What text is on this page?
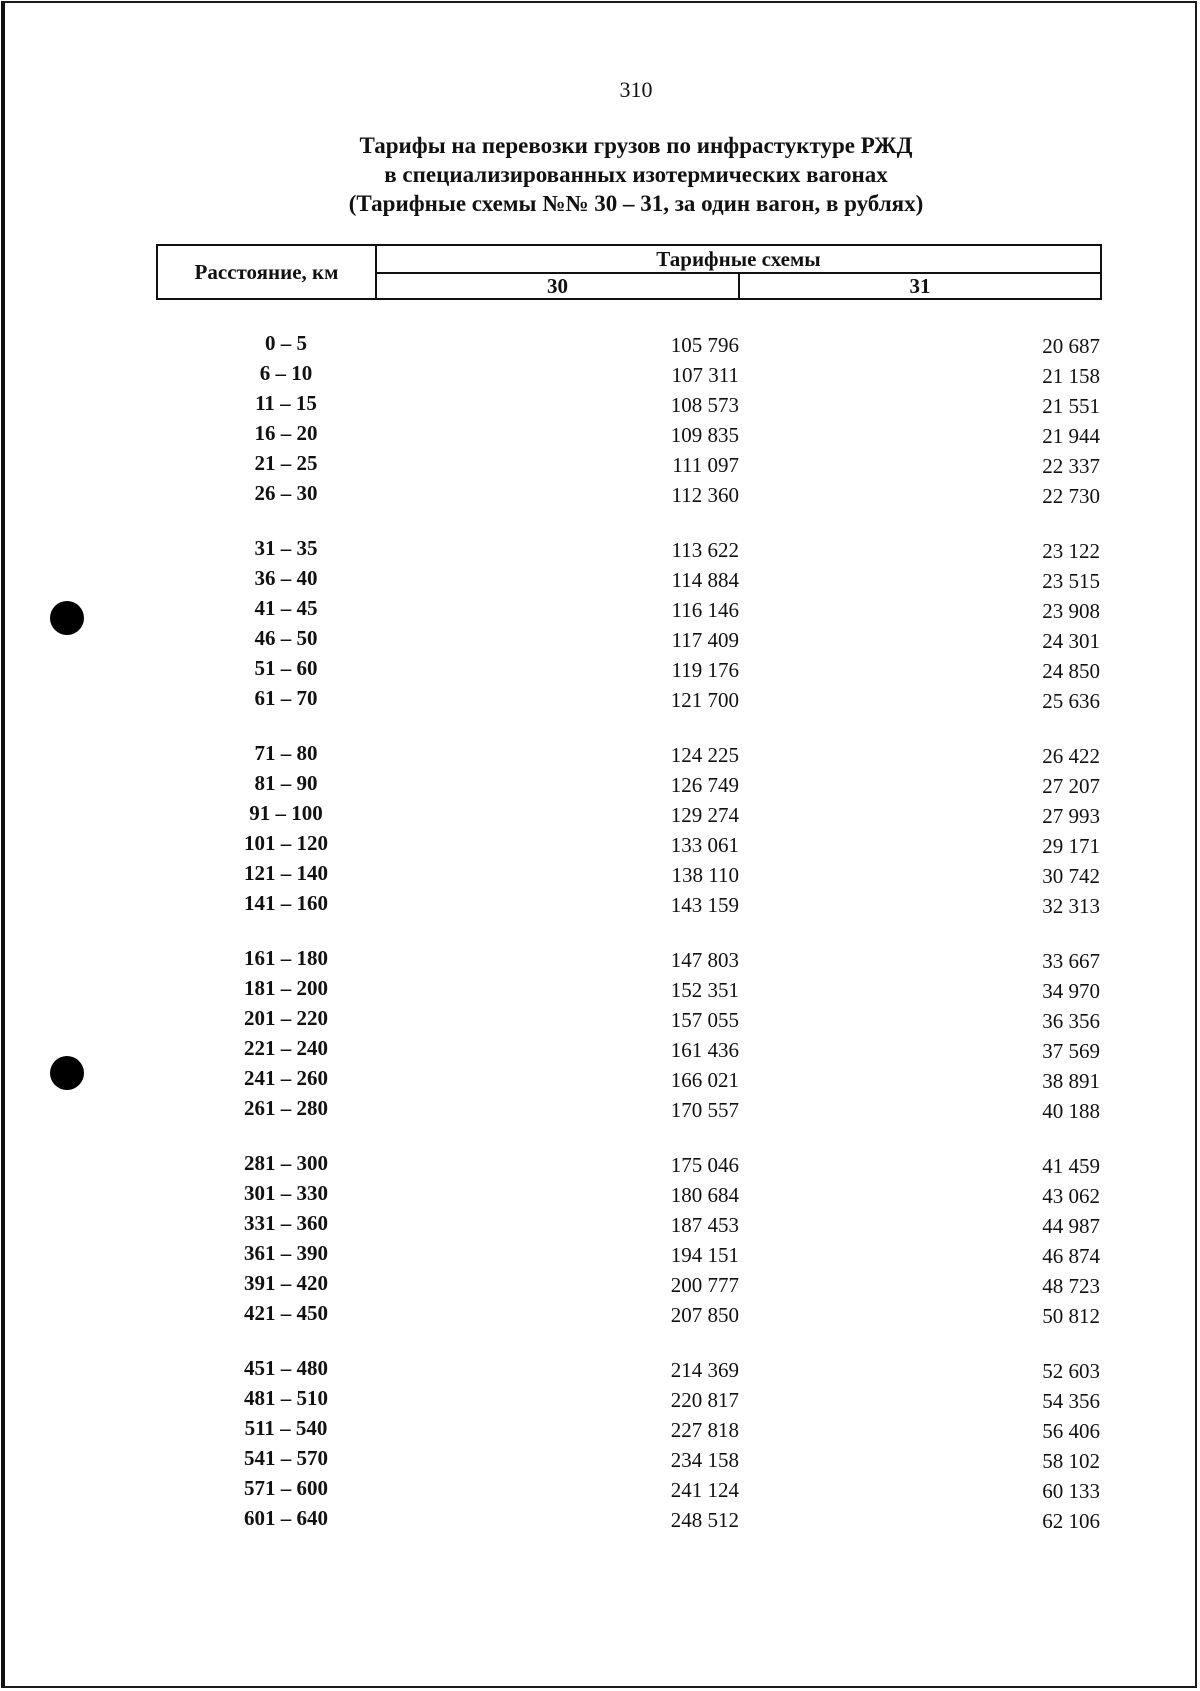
310
Тарифы на перевозки грузов по инфрастуктуре РЖД
в специализированных изотермических вагонах
(Тарифные схемы №№ 30 – 31, за один вагон, в рублях)
Расстояние, км
Тарифные схемы
30	31
0 – 5	105 796	20 687
6 – 10	107 311	21 158
11 – 15	108 573	21 551
16 – 20	109 835	21 944
21 – 25	111 097	22 337
26 – 30	112 360	22 730
31 – 35	113 622	23 122
36 – 40	114 884	23 515
41 – 45	116 146	23 908
46 – 50	117 409	24 301
51 – 60	119 176	24 850
61 – 70	121 700	25 636
71 – 80	124 225	26 422
81 – 90	126 749	27 207
91 – 100	129 274	27 993
101 – 120	133 061	29 171
121 – 140	138 110	30 742
141 – 160	143 159	32 313
161 – 180	147 803	33 667
181 – 200	152 351	34 970
201 – 220	157 055	36 356
221 – 240	161 436	37 569
241 – 260	166 021	38 891
261 – 280	170 557	40 188
281 – 300	175 046	41 459
301 – 330	180 684	43 062
331 – 360	187 453	44 987
361 – 390	194 151	46 874
391 – 420	200 777	48 723
421 – 450	207 850	50 812
451 – 480	214 369	52 603
481 – 510	220 817	54 356
511 – 540	227 818	56 406
541 – 570	234 158	58 102
571 – 600	241 124	60 133
601 – 640	248 512	62 106
